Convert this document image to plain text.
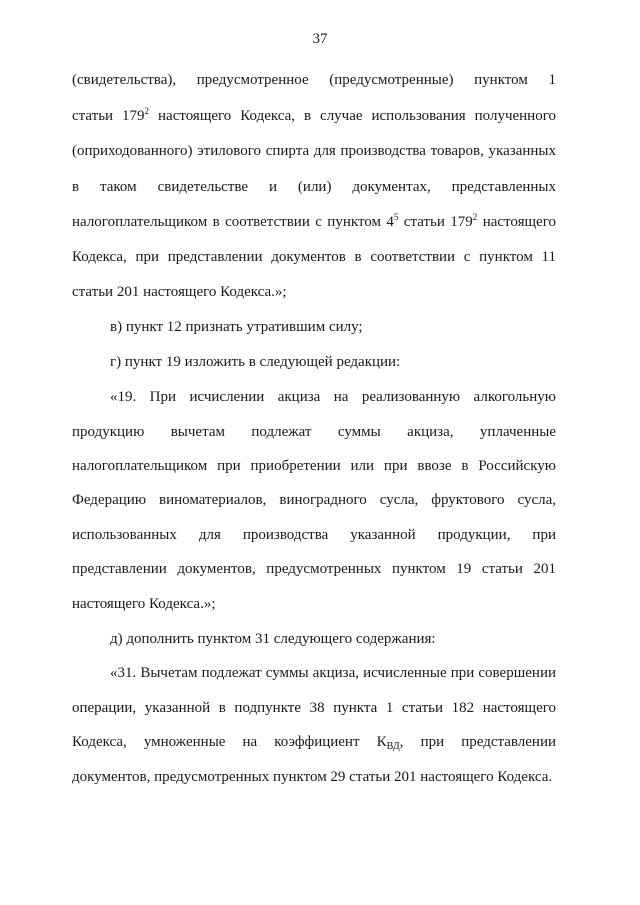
37
(свидетельства), предусмотренное (предусмотренные) пунктом 1
статьи $179^2$ настоящего Кодекса, в случае использования полученного
(оприходованного) этилового спирта для производства товаров, указанных
в таком свидетельстве и (или) документах, представленных
налогоплательщиком в соответствии с пунктом $4^5$ статьи $179^2$ настоящего
Кодекса, при представлении документов в соответствии с пунктом 11
статьи 201 настоящего Кодекса.»;
в) пункт 12 признать утратившим силу;
г) пункт 19 изложить в следующей редакции:
«19. При исчислении акциза на реализованную алкогольную
продукцию вычетам подлежат суммы акциза, уплаченные
налогоплательщиком при приобретении или при ввозе в Российскую
Федерацию виноматериалов, виноградного сусла, фруктового сусла,
использованных для производства указанной продукции, при
представлении документов, предусмотренных пунктом 19 статьи 201
настоящего Кодекса.»;
д) дополнить пунктом 31 следующего содержания:
«31. Вычетам подлежат суммы акциза, исчисленные при совершении
операции, указанной в подпункте 38 пункта 1 статьи 182 настоящего
Кодекса, умноженные на коэффициент $К_{ВД}$, при представлении
документов, предусмотренных пунктом 29 статьи 201 настоящего Кодекса.
